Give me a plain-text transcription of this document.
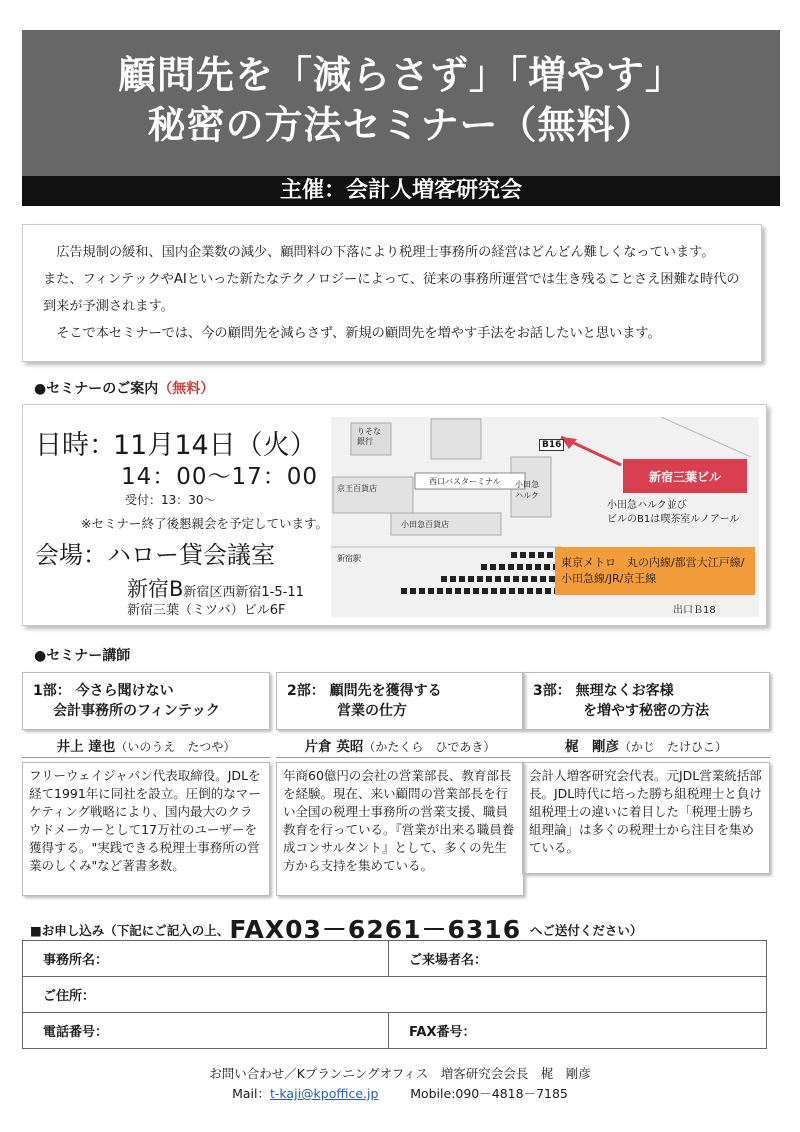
顧問先を「減らさず」「増やす」
秘密の方法セミナー（無料）
主催：会計人増客研究会

広告規制の緩和、国内企業数の減少、顧問料の下落により税理士事務所の経営はどんどん難しくなっています。

また、フィンテックやAIといった新たなテクノロジーによって、従来の事務所運営では生き残ることさえ困難な時代の

到来が予測されます。

そこで本セミナーでは、今の顧問先を減らさず、新規の顧問先を増やす手法をお話したいと思います。

●セミナーのご案内（無料）
日時：
11月14日（火）
14：00～17：00
受付：13：30～
※セミナー終了後懇親会を予定しています。
会場：ハロー貸会議室
新宿B新宿区西新宿1-5-11
新宿三葉（ミツバ）ビル6F
りそな銀行	B16
西口バスターミナル
京王百貨店
小田急百貨店
小田急ハルク
新宿駅
新宿三葉ビル
小田急ハルク並び
ビルのB1は喫茶室ルノアール
東京メトロ　丸の内線/都営大江戸線/
小田急線/JR/京王線
出口Ｂ18
●セミナー講師
1部： 今さら聞けない
会計事務所のフィンテック
井上 達也（いのうえ　たつや）
フリーウェイジャパン代表取締役。JDLを経て1991年に同社を設立。圧倒的なマーケティング戦略により、国内最大のクラウドメーカーとして17万社のユーザーを獲得する。"実践できる税理士事務所の営業のしくみ"など著書多数。
2部： 顧問先を獲得する
営業の仕方
片倉 英昭（かたくら　ひであき）
年商60億円の会社の営業部長、教育部長を経験。現在、来い顧問の営業部長を行い全国の税理士事務所の営業支援、職員教育を行っている。『営業が出来る職員養成コンサルタント』として、多くの先生方から支持を集めている。
3部： 無理なくお客様
を増やす秘密の方法
梶　剛彦（かじ　たけひこ）
会計人増客研究会代表。元JDL営業統括部長。JDL時代に培った勝ち組税理士と負け組税理士の違いに着目した「税理士勝ち組理論」は多くの税理士から注目を集めている。
■お申し込み（下記にご記入の上、FAX03－6261－6316 へご送付ください）
事務所名：	ご来場者名：
ご住所：	
電話番号：	FAX番号：
お問い合わせ／Kプランニングオフィス　増客研究会会長　梶　剛彦
Mail：t-kaji@kpoffice.jp	Mobile:090－4818－7185
